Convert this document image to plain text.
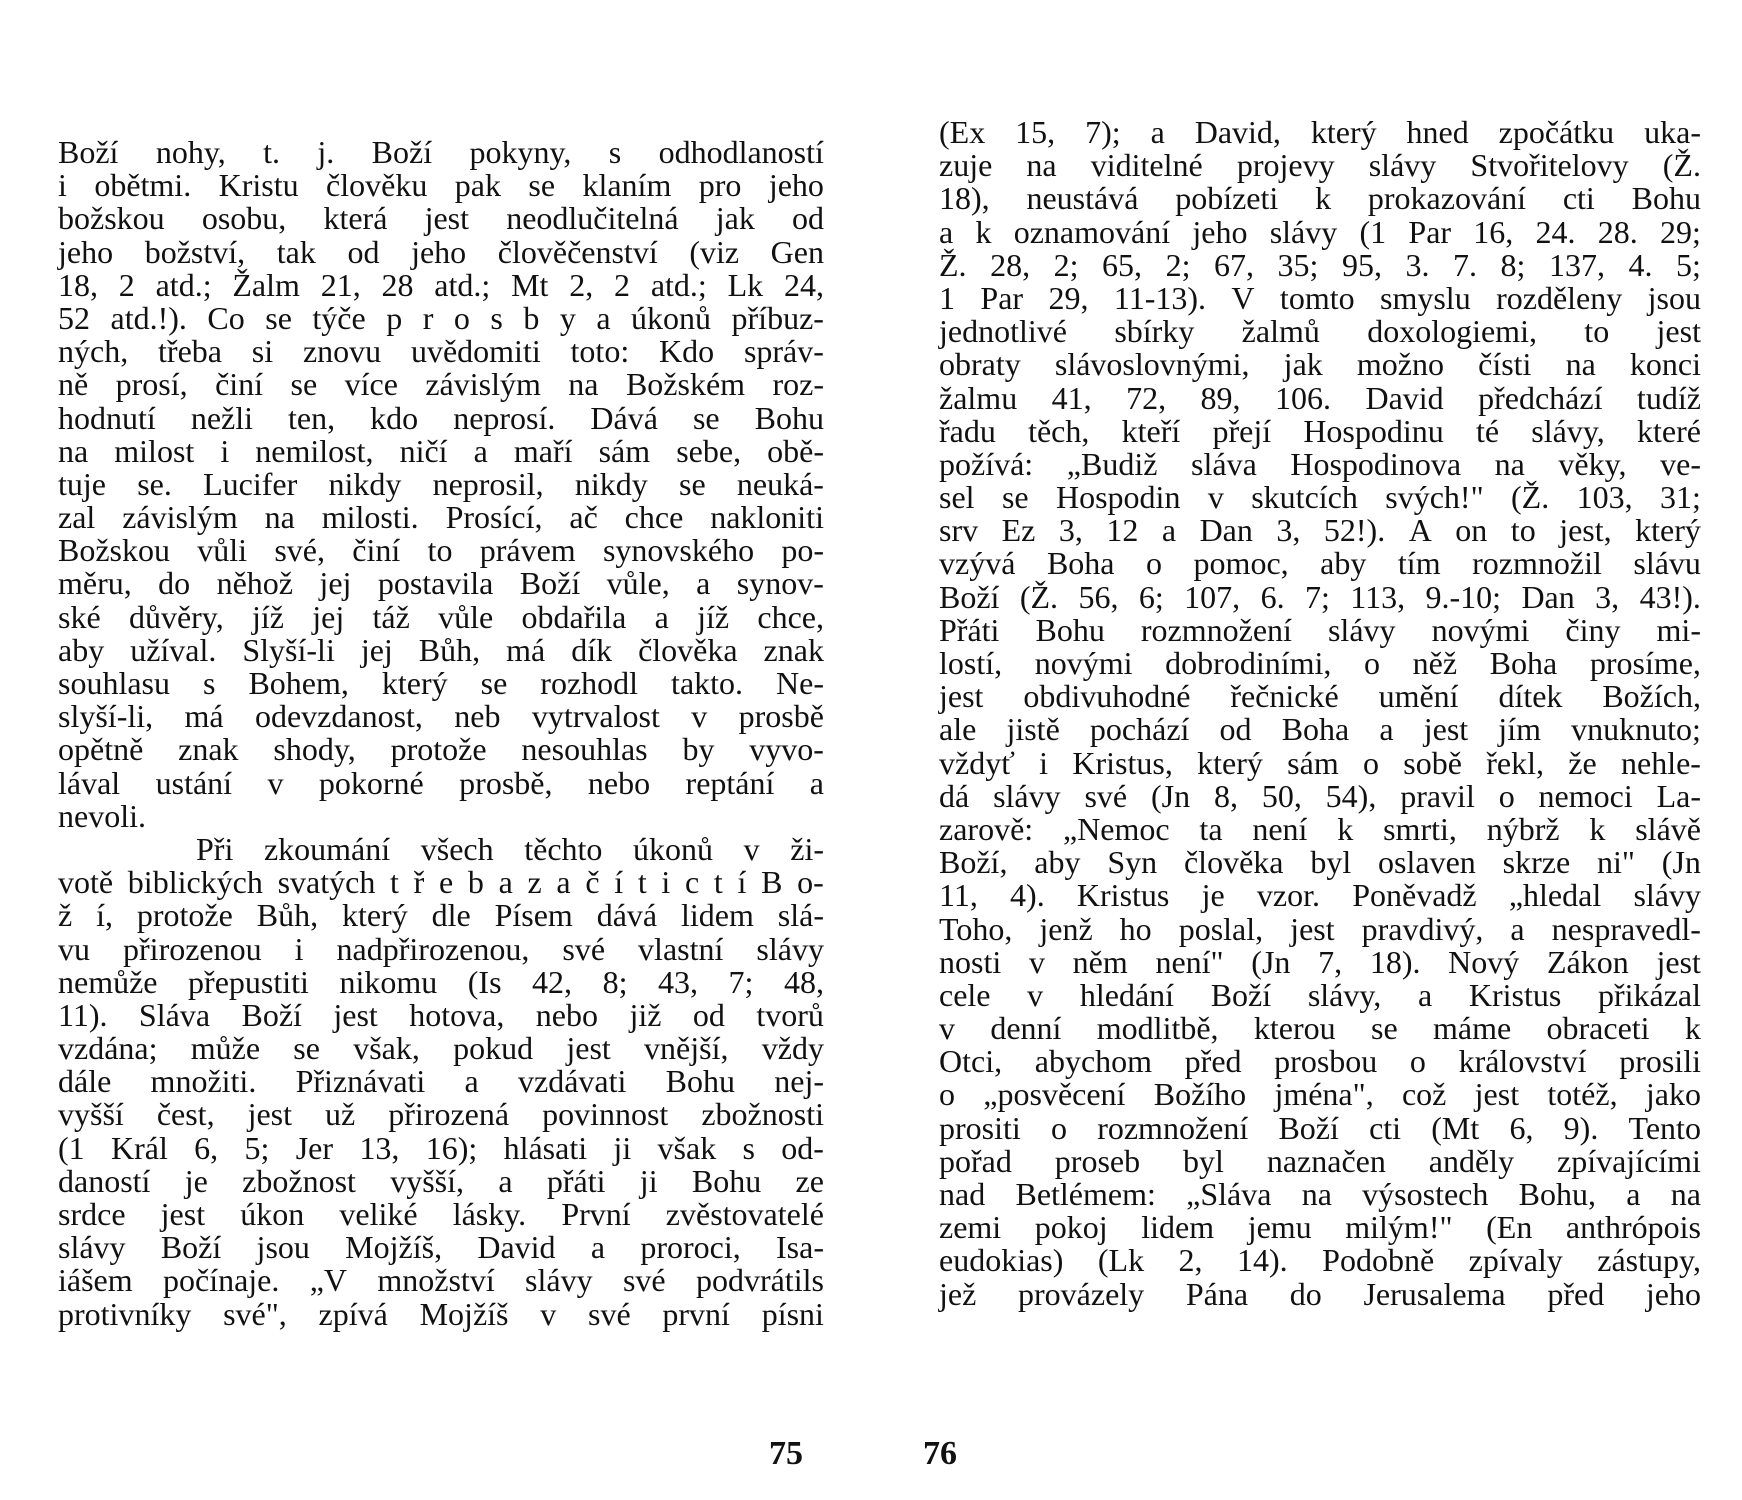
Boží nohy, t. j. Boží pokyny, s odhodlaností
i obětmi. Kristu člověku pak se klaním pro jeho
božskou osobu, která jest neodlučitelná jak od
jeho božství, tak od jeho člověčenství (viz Gen
18, 2 atd.; Žalm 21, 28 atd.; Mt 2, 2 atd.; Lk 24,
52 atd.!). Co se týče p r o s b y a úkonů příbuz-
ných, třeba si znovu uvědomiti toto: Kdo správ-
ně prosí, činí se více závislým na Božském roz-
hodnutí nežli ten, kdo neprosí. Dává se Bohu
na milost i nemilost, ničí a maří sám sebe, obě-
tuje se. Lucifer nikdy neprosil, nikdy se neuká-
zal závislým na milosti. Prosící, ač chce nakloniti
Božskou vůli své, činí to právem synovského po-
měru, do něhož jej postavila Boží vůle, a synov-
ské důvěry, jíž jej táž vůle obdařila a jíž chce,
aby užíval. Slyší-li jej Bůh, má dík člověka znak
souhlasu s Bohem, který se rozhodl takto. Ne-
slyší-li, má odevzdanost, neb vytrvalost v prosbě
opětně znak shody, protože nesouhlas by vyvo-
lával ustání v pokorné prosbě, nebo reptání a
nevoli.
Při zkoumání všech těchto úkonů v ži-
votě biblických svatých t ř e b a z a č í t i c t í B o-
ž í, protože Bůh, který dle Písem dává lidem slá-
vu přirozenou i nadpřirozenou, své vlastní slávy
nemůže přepustiti nikomu (Is 42, 8; 43, 7; 48,
11). Sláva Boží jest hotova, nebo již od tvorů
vzdána; může se však, pokud jest vnější, vždy
dále množiti. Přiznávati a vzdávati Bohu nej-
vyšší čest, jest už přirozená povinnost zbožnosti
(1 Král 6, 5; Jer 13, 16); hlásati ji však s od-
daností je zbožnost vyšší, a přáti ji Bohu ze
srdce jest úkon veliké lásky. První zvěstovatelé
slávy Boží jsou Mojžíš, David a proroci, Isa-
iášem počínaje. „V množství slávy své podvrátils
protivníky své", zpívá Mojžíš v své první písni
75
(Ex 15, 7); a David, který hned zpočátku uka-
zuje na viditelné projevy slávy Stvořitelovy (Ž.
18), neustává pobízeti k prokazování cti Bohu
a k oznamování jeho slávy (1 Par 16, 24. 28. 29;
Ž. 28, 2; 65, 2; 67, 35; 95, 3. 7. 8; 137, 4. 5;
1 Par 29, 11-13). V tomto smyslu rozděleny jsou
jednotlivé sbírky žalmů doxologiemi, to jest
obraty slávoslovnými, jak možno čísti na konci
žalmu 41, 72, 89, 106. David předchází tudíž
řadu těch, kteří přejí Hospodinu té slávy, které
požívá: „Budiž sláva Hospodinova na věky, ve-
sel se Hospodin v skutcích svých!" (Ž. 103, 31;
srv Ez 3, 12 a Dan 3, 52!). A on to jest, který
vzývá Boha o pomoc, aby tím rozmnožil slávu
Boží (Ž. 56, 6; 107, 6. 7; 113, 9.-10; Dan 3, 43!).
Přáti Bohu rozmnožení slávy novými činy mi-
lostí, novými dobrodiními, o něž Boha prosíme,
jest obdivuhodné řečnické umění dítek Božích,
ale jistě pochází od Boha a jest jím vnuknuto;
vždyť i Kristus, který sám o sobě řekl, že nehle-
dá slávy své (Jn 8, 50, 54), pravil o nemoci La-
zarově: „Nemoc ta není k smrti, nýbrž k slávě
Boží, aby Syn člověka byl oslaven skrze ni" (Jn
11, 4). Kristus je vzor. Poněvadž „hledal slávy
Toho, jenž ho poslal, jest pravdivý, a nespravedl-
nosti v něm není" (Jn 7, 18). Nový Zákon jest
cele v hledání Boží slávy, a Kristus přikázal
v denní modlitbě, kterou se máme obraceti k
Otci, abychom před prosbou o království prosili
o „posvěcení Božího jména", což jest totéž, jako
prositi o rozmnožení Boží cti (Mt 6, 9). Tento
pořad proseb byl naznačen anděly zpívajícími
nad Betlémem: „Sláva na výsostech Bohu, a na
zemi pokoj lidem jemu milým!" (En anthrópois
eudokias) (Lk 2, 14). Podobně zpívaly zástupy,
jež provázely Pána do Jerusalema před jeho
76
